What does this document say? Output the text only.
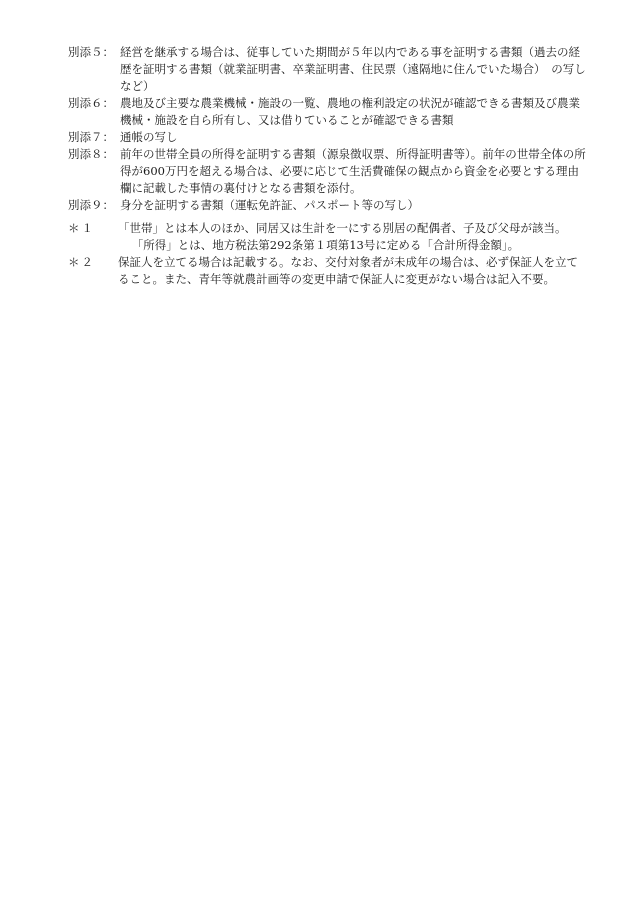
別添５： 経営を継承する場合は、従事していた期間が５年以内である事を証明する書類（過去の経歴を証明する書類（就業証明書、卒業証明書、住民票（遠隔地に住んでいた場合）　の写しなど）
別添６： 農地及び主要な農業機械・施設の一覧、農地の権利設定の状況が確認できる書類及び農業機械・施設を自ら所有し、又は借りていることが確認できる書類
別添７： 通帳の写し
別添８： 前年の世帯全員の所得を証明する書類（源泉徴収票、所得証明書等）。前年の世帯全体の所得が600万円を超える場合は、必要に応じて生活費確保の観点から資金を必要とする理由欄に記載した事情の裏付けとなる書類を添付。
別添９： 身分を証明する書類（運転免許証、パスポート等の写し）
＊１	「世帯」とは本人のほか、同居又は生計を一にする別居の配偶者、子及び父母が該当。

「所得」とは、地方税法第292条第１項第13号に定める「合計所得金額」。

＊２	保証人を立てる場合は記載する。なお、交付対象者が未成年の場合は、必ず保証人を立てること。また、青年等就農計画等の変更申請で保証人に変更がない場合は記入不要。
